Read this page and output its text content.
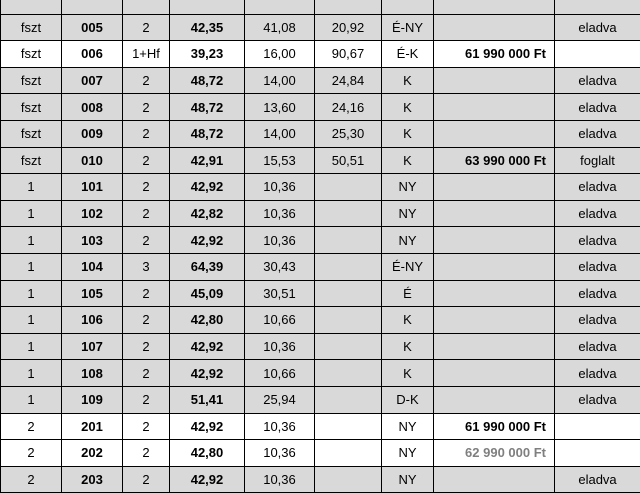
fszt	005	2	42,35	41,08	20,92	É-NY		eladva
fszt	006	1+Hf	39,23	16,00	90,67	É-K	61 990 000 Ft	
fszt	007	2	48,72	14,00	24,84	K		eladva
fszt	008	2	48,72	13,60	24,16	K		eladva
fszt	009	2	48,72	14,00	25,30	K		eladva
fszt	010	2	42,91	15,53	50,51	K	63 990 000 Ft	foglalt
1	101	2	42,92	10,36		NY		eladva
1	102	2	42,82	10,36		NY		eladva
1	103	2	42,92	10,36		NY		eladva
1	104	3	64,39	30,43		É-NY		eladva
1	105	2	45,09	30,51		É		eladva
1	106	2	42,80	10,66		K		eladva
1	107	2	42,92	10,36		K		eladva
1	108	2	42,92	10,66		K		eladva
1	109	2	51,41	25,94		D-K		eladva
2	201	2	42,92	10,36		NY	61 990 000 Ft	
2	202	2	42,80	10,36		NY	62 990 000 Ft	
2	203	2	42,92	10,36		NY		eladva
